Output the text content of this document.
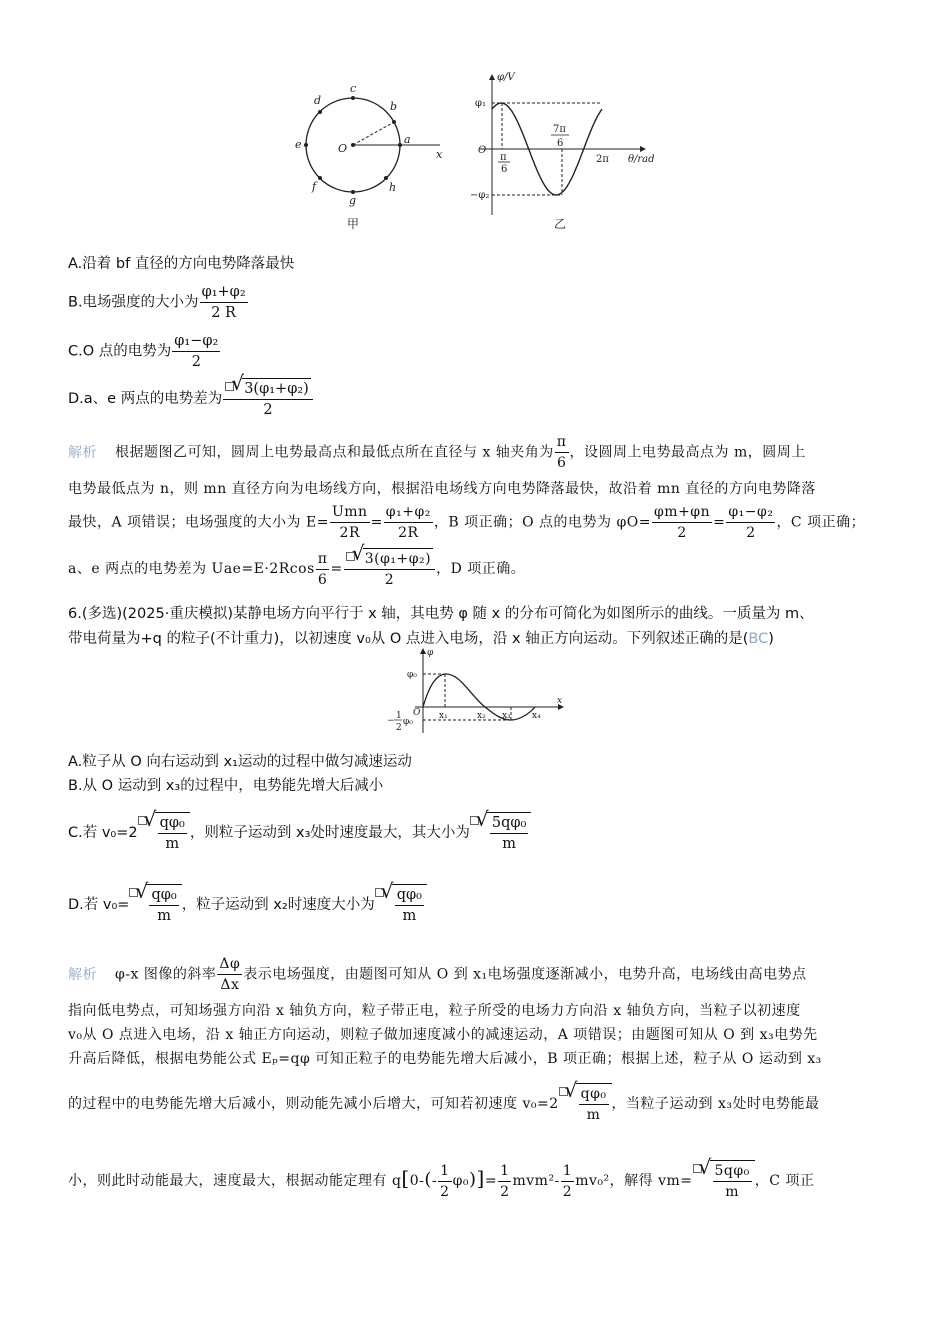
a
b
c
d
e
f
g
h
O	x
甲
φ/V
θ/rad
φ₁
−φ₂
O
π
6
7π
6
2π
乙
A.沿着 bf 直径的方向电势降落最快
B.电场强度的大小为 $\frac{\text{φ₁+φ₂}}{2 R}$
C.O 点的电势为 $\frac{\text{φ₁−φ₂}}{2}$
D.a、e 两点的电势差为 √ $\frac{\text{3(φ₁+φ₂)}}{2}$
解析 根据题图乙可知，圆周上电势最高点和最低点所在直径与 x 轴夹角为 $\frac{\pi}{6}$ ，设圆周上电势最高点为 m，圆周上
电势最低点为 n，则 mn 直径方向为电场线方向，根据沿电场线方向电势降落最快，故沿着 mn 直径的方向电势降落
最快，A 项错误；电场强度的大小为 $E= \frac{\text{Umn}}{2R} = \frac{\text{φ₁+φ₂}}{2R}$ ，B 项正确；O 点的电势为 $\varphi O= \frac{\varphi m+\varphi n}{2} = \frac{\text{φ₁−φ₂}}{2}$ ，C 项正确；
a、e 两点的电势差为 $Uae=E\cdot 2Rcos \frac{\pi}{6}$ = √ $\frac{\text{3(φ₁+φ₂)}}{2}$ ，D 项正确。
6.(多选)(2025·重庆模拟)某静电场方向平行于 x 轴，其电势 φ 随 x 的分布可简化为如图所示的曲线。一质量为 m、
带电荷量为+q 的粒子(不计重力)，以初速度 v₀从 O 点进入电场，沿 x 轴正方向运动。下列叙述正确的是(BC)
φ
φ₀
O
x
x₁	x₂ x₃ x₄
− 1
2
φ₀
A.粒子从 O 向右运动到 x₁运动的过程中做匀减速运动
B.从 O 运动到 x₃的过程中，电势能先增大后减小
C.若 v₀=2 √ $\frac{\text{qφ₀}}{m}$ ，则粒子运动到 x₃处时速度最大，其大小为 √ $\frac{\text{5qφ₀}}{m}$
D.若 v₀= √ $\frac{\text{qφ₀}}{m}$ ，粒子运动到 x₂时速度大小为 √ $\frac{\text{qφ₀}}{m}$
解析 φ-x 图像的斜率 $\frac{\Delta\varphi}{\Delta x}$ 表示电场强度，由题图可知从 O 到 x₁电场强度逐渐减小，电势升高，电场线由高电势点
指向低电势点，可知场强方向沿 x 轴负方向，粒子带正电，粒子所受的电场力方向沿 x 轴负方向，当粒子以初速度
v₀从 O 点进入电场，沿 x 轴正方向运动，则粒子做加速度减小的减速运动，A 项错误；由题图可知从 O 到 x₃电势先
升高后降低，根据电势能公式 Eₚ=qφ 可知正粒子的电势能先增大后减小，B 项正确；根据上述，粒子从 O 运动到 x₃
的过程中的电势能先增大后减小，则动能先减小后增大，可知若初速度 v₀=2 √ $\frac{\text{qφ₀}}{m}$ ，当粒子运动到 x₃处时电势能最
小，则此时动能最大，速度最大，根据动能定理有 $q[0-(- \frac{1}{2} \varphi_0)]= \frac{1}{2} mvm^2- \frac{1}{2} mv_0^2$，解得 vm= √ $\frac{\text{5qφ₀}}{m}$ ，C 项正
